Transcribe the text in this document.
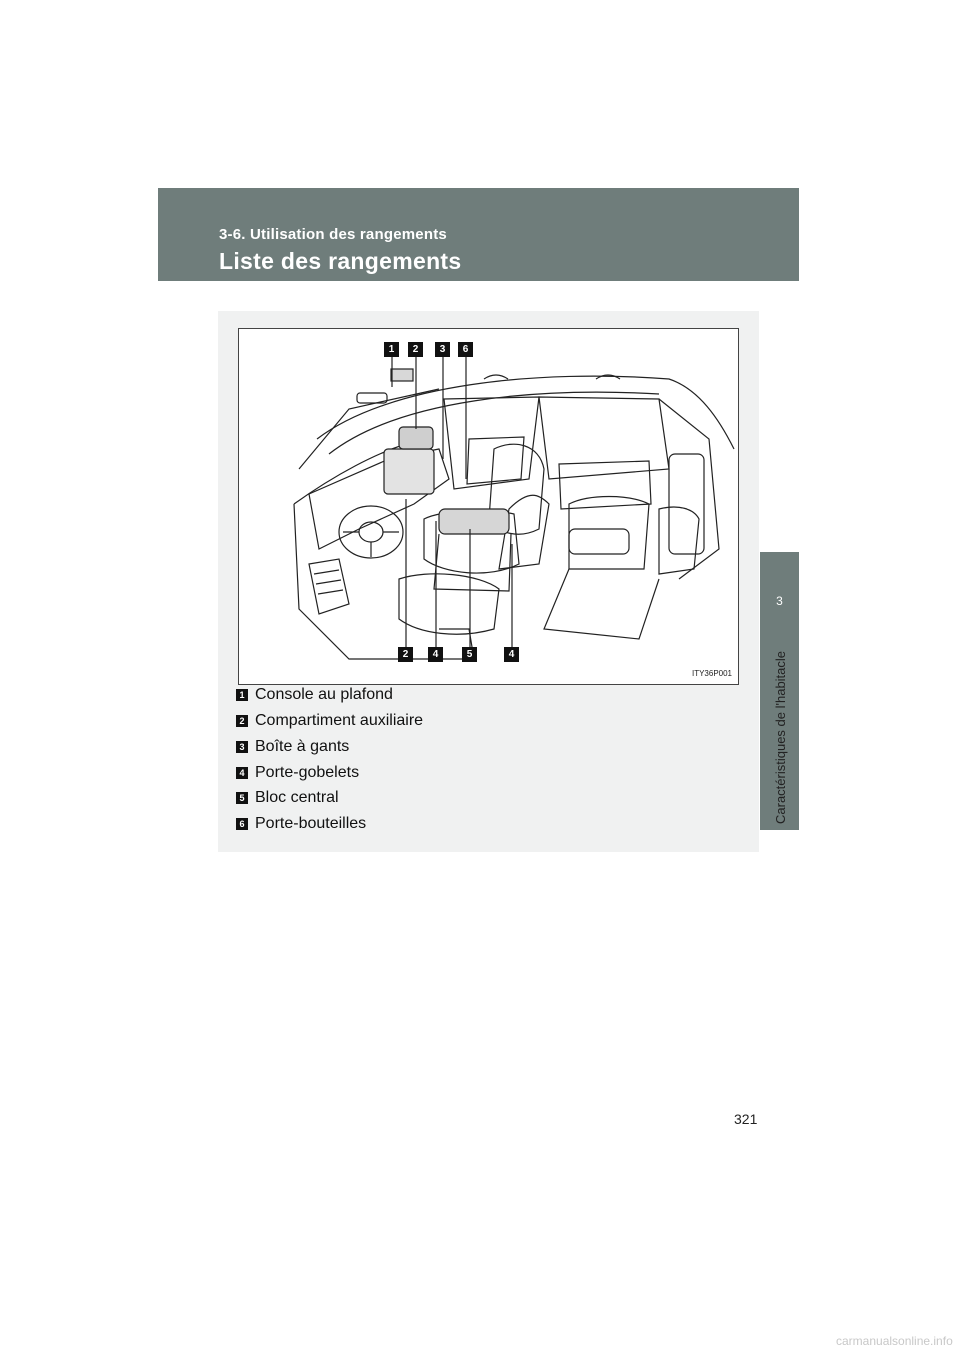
3-6. Utilisation des rangements
Liste des rangements
3
Caractéristiques de l'habitacle
1	2	3	6
2	4	5	4
ITY36P001
1 Console au plafond
2 Compartiment auxiliaire
3 Boîte à gants
4 Porte-gobelets
5 Bloc central
6 Porte-bouteilles
321
carmanualsonline.info
